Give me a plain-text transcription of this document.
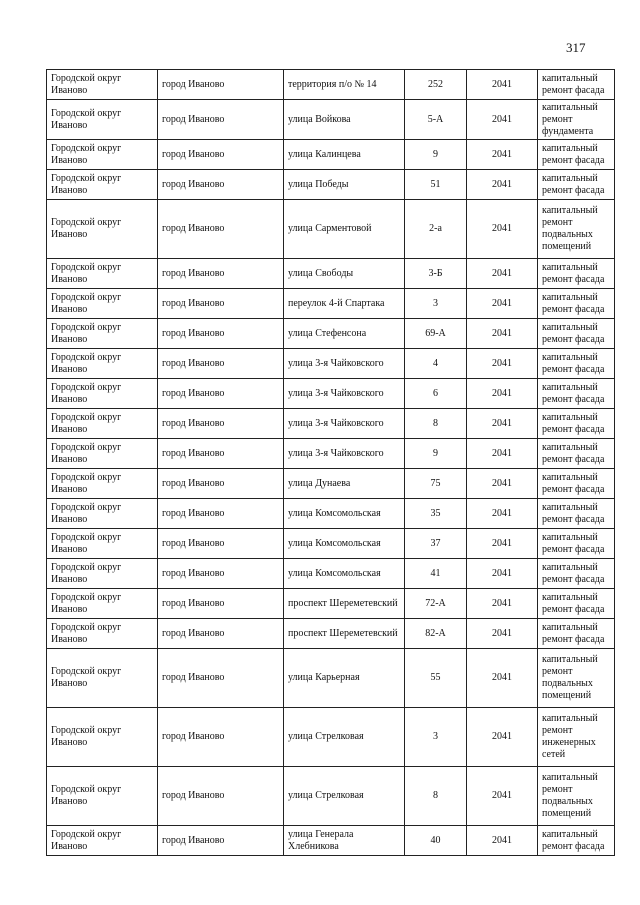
317
Городской округ Иваново	город Иваново	территория п/о № 14	252	2041	капитальный ремонт фасада
Городской округ Иваново	город Иваново	улица Войкова	5-А	2041	капитальный ремонт фундамента
Городской округ Иваново	город Иваново	улица Калинцева	9	2041	капитальный ремонт фасада
Городской округ Иваново	город Иваново	улица Победы	51	2041	капитальный ремонт фасада
Городской округ Иваново	город Иваново	улица Сарментовой	2-а	2041	капитальный ремонт подвальных помещений
Городской округ Иваново	город Иваново	улица Свободы	3-Б	2041	капитальный ремонт фасада
Городской округ Иваново	город Иваново	переулок 4-й Спартака	3	2041	капитальный ремонт фасада
Городской округ Иваново	город Иваново	улица Стефенсона	69-А	2041	капитальный ремонт фасада
Городской округ Иваново	город Иваново	улица 3-я Чайковского	4	2041	капитальный ремонт фасада
Городской округ Иваново	город Иваново	улица 3-я Чайковского	6	2041	капитальный ремонт фасада
Городской округ Иваново	город Иваново	улица 3-я Чайковского	8	2041	капитальный ремонт фасада
Городской округ Иваново	город Иваново	улица 3-я Чайковского	9	2041	капитальный ремонт фасада
Городской округ Иваново	город Иваново	улица Дунаева	75	2041	капитальный ремонт фасада
Городской округ Иваново	город Иваново	улица Комсомольская	35	2041	капитальный ремонт фасада
Городской округ Иваново	город Иваново	улица Комсомольская	37	2041	капитальный ремонт фасада
Городской округ Иваново	город Иваново	улица Комсомольская	41	2041	капитальный ремонт фасада
Городской округ Иваново	город Иваново	проспект Шереметевский	72-А	2041	капитальный ремонт фасада
Городской округ Иваново	город Иваново	проспект Шереметевский	82-А	2041	капитальный ремонт фасада
Городской округ Иваново	город Иваново	улица Карьерная	55	2041	капитальный ремонт подвальных помещений
Городской округ Иваново	город Иваново	улица Стрелковая	3	2041	капитальный ремонт инженерных сетей
Городской округ Иваново	город Иваново	улица Стрелковая	8	2041	капитальный ремонт подвальных помещений
Городской округ Иваново	город Иваново	улица Генерала Хлебникова	40	2041	капитальный ремонт фасада
